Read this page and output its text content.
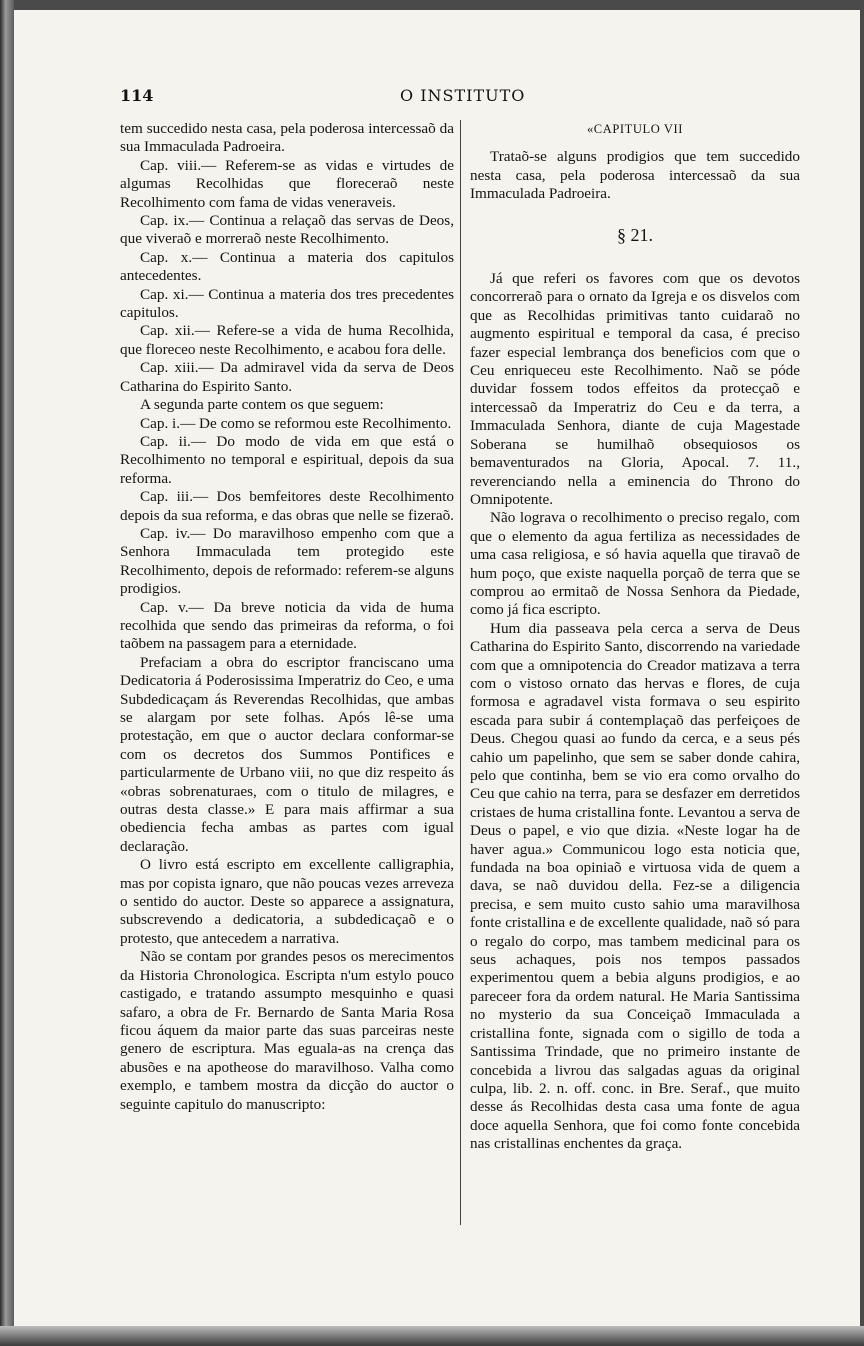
114	O INSTITUTO

tem succedido nesta casa, pela poderosa intercessaõ da sua Immaculada Padroeira.

Cap. viii.— Referem-se as vidas e virtudes de algumas Recolhidas que floreceraõ neste Recolhimento com fama de vidas veneraveis.

Cap. ix.— Continua a relaçaõ das servas de Deos, que viveraõ e morreraõ neste Recolhimento.

Cap. x.— Continua a materia dos capitulos antecedentes.

Cap. xi.— Continua a materia dos tres precedentes capitulos.

Cap. xii.— Refere-se a vida de huma Recolhida, que floreceo neste Recolhimento, e acabou fora delle.

Cap. xiii.— Da admiravel vida da serva de Deos Catharina do Espirito Santo.

A segunda parte contem os que seguem:

Cap. i.— De como se reformou este Recolhimento.

Cap. ii.— Do modo de vida em que está o Recolhimento no temporal e espiritual, depois da sua reforma.

Cap. iii.— Dos bemfeitores deste Recolhimento depois da sua reforma, e das obras que nelle se fizeraõ.

Cap. iv.— Do maravilhoso empenho com que a Senhora Immaculada tem protegido este Recolhimento, depois de reformado: referem-se alguns prodigios.

Cap. v.— Da breve noticia da vida de huma recolhida que sendo das primeiras da reforma, o foi taõbem na passagem para a eternidade.

Prefaciam a obra do escriptor franciscano uma Dedicatoria á Poderosissima Imperatriz do Ceo, e uma Subdedicaçam ás Reverendas Recolhidas, que ambas se alargam por sete folhas. Após lê-se uma protestação, em que o auctor declara conformar-se com os decretos dos Summos Pontifices e particularmente de Urbano viii, no que diz respeito ás «obras sobrenaturaes, com o titulo de milagres, e outras desta classe.» E para mais affirmar a sua obediencia fecha ambas as partes com igual declaração.

O livro está escripto em excellente calligraphia, mas por copista ignaro, que não poucas vezes arreveza o sentido do auctor. Deste so apparece a assignatura, subscrevendo a dedicatoria, a subdedicaçaõ e o protesto, que antecedem a narrativa.

Não se contam por grandes pesos os merecimentos da Historia Chronologica. Escripta n'um estylo pouco castigado, e tratando assumpto mesquinho e quasi safaro, a obra de Fr. Bernardo de Santa Maria Rosa ficou áquem da maior parte das suas parceiras neste genero de escriptura. Mas eguala-as na crença das abusões e na apotheose do maravilhoso. Valha como exemplo, e tambem mostra da dicção do auctor o seguinte capitulo do manuscripto:

«CAPITULO VII

Trataõ-se alguns prodigios que tem succedido nesta casa, pela poderosa intercessaõ da sua Immaculada Padroeira.

§ 21.

Já que referi os favores com que os devotos concorreraõ para o ornato da Igreja e os disvelos com que as Recolhidas primitivas tanto cuidaraõ no augmento espiritual e temporal da casa, é preciso fazer especial lembrança dos beneficios com que o Ceu enriqueceu este Recolhimento. Naõ se póde duvidar fossem todos effeitos da protecçaõ e intercessaõ da Imperatriz do Ceu e da terra, a Immaculada Senhora, diante de cuja Magestade Soberana se humilhaõ obsequiosos os bemaventurados na Gloria, Apocal. 7. 11., reverenciando nella a eminencia do Throno do Omnipotente.

Não lograva o recolhimento o preciso regalo, com que o elemento da agua fertiliza as necessidades de uma casa religiosa, e só havia aquella que tiravaõ de hum poço, que existe naquella porçaõ de terra que se comprou ao ermitaõ de Nossa Senhora da Piedade, como já fica escripto.

Hum dia passeava pela cerca a serva de Deus Catharina do Espirito Santo, discorrendo na variedade com que a omnipotencia do Creador matizava a terra com o vistoso ornato das hervas e flores, de cuja formosa e agradavel vista formava o seu espirito escada para subir á contemplaçaõ das perfeiçoes de Deus. Chegou quasi ao fundo da cerca, e a seus pés cahio um papelinho, que sem se saber donde cahira, pelo que continha, bem se vio era como orvalho do Ceu que cahio na terra, para se desfazer em derretidos cristaes de huma cristallina fonte. Levantou a serva de Deus o papel, e vio que dizia. «Neste logar ha de haver agua.» Communicou logo esta noticia que, fundada na boa opiniaõ e virtuosa vida de quem a dava, se naõ duvidou della. Fez-se a diligencia precisa, e sem muito custo sahio uma maravilhosa fonte cristallina e de excellente qualidade, naõ só para o regalo do corpo, mas tambem medicinal para os seus achaques, pois nos tempos passados experimentou quem a bebia alguns prodigios, e ao pareceer fora da ordem natural. He Maria Santissima no mysterio da sua Conceiçaõ Immaculada a cristallina fonte, signada com o sigillo de toda a Santissima Trindade, que no primeiro instante de concebida a livrou das salgadas aguas da original culpa, lib. 2. n. off. conc. in Bre. Seraf., que muito desse ás Recolhidas desta casa uma fonte de agua doce aquella Senhora, que foi como fonte concebida nas cristallinas enchentes da graça.
